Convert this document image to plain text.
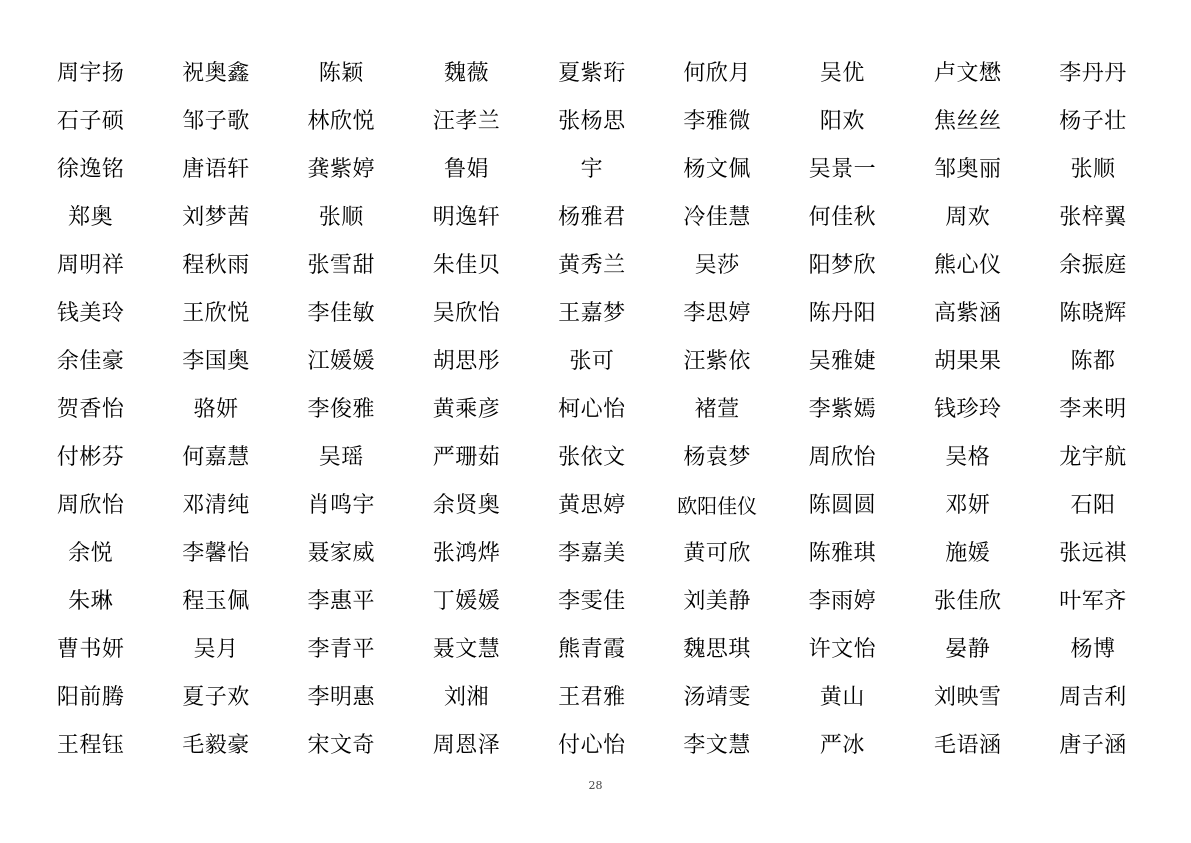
周宇扬	祝奥鑫	陈颖	魏薇	夏紫珩	何欣月	吴优	卢文懋	李丹丹
石子硕	邹子歌	林欣悦	汪孝兰	张杨思	李雅微	阳欢	焦丝丝	杨子壮
徐逸铭	唐语轩	龚紫婷	鲁娟	宇	杨文佩	吴景一	邹奥丽	张顺
郑奥	刘梦茜	张顺	明逸轩	杨雅君	冷佳慧	何佳秋	周欢	张梓翼
周明祥	程秋雨	张雪甜	朱佳贝	黄秀兰	吴莎	阳梦欣	熊心仪	余振庭
钱美玲	王欣悦	李佳敏	吴欣怡	王嘉梦	李思婷	陈丹阳	高紫涵	陈晓辉
余佳豪	李国奥	江媛媛	胡思彤	张可	汪紫依	吴雅婕	胡果果	陈都
贺香怡	骆妍	李俊雅	黄乘彦	柯心怡	褚萱	李紫嫣	钱珍玲	李来明
付彬芬	何嘉慧	吴瑶	严珊茹	张依文	杨袁梦	周欣怡	吴格	龙宇航
周欣怡	邓清纯	肖鸣宇	余贤奥	黄思婷	欧阳佳仪	陈圆圆	邓妍	石阳
余悦	李馨怡	聂家威	张鸿烨	李嘉美	黄可欣	陈雅琪	施媛	张远祺
朱琳	程玉佩	李惠平	丁媛媛	李雯佳	刘美静	李雨婷	张佳欣	叶军齐
曹书妍	吴月	李青平	聂文慧	熊青霞	魏思琪	许文怡	晏静	杨博
阳前腾	夏子欢	李明惠	刘湘	王君雅	汤靖雯	黄山	刘映雪	周吉利
王程钰	毛毅豪	宋文奇	周恩泽	付心怡	李文慧	严冰	毛语涵	唐子涵
28
